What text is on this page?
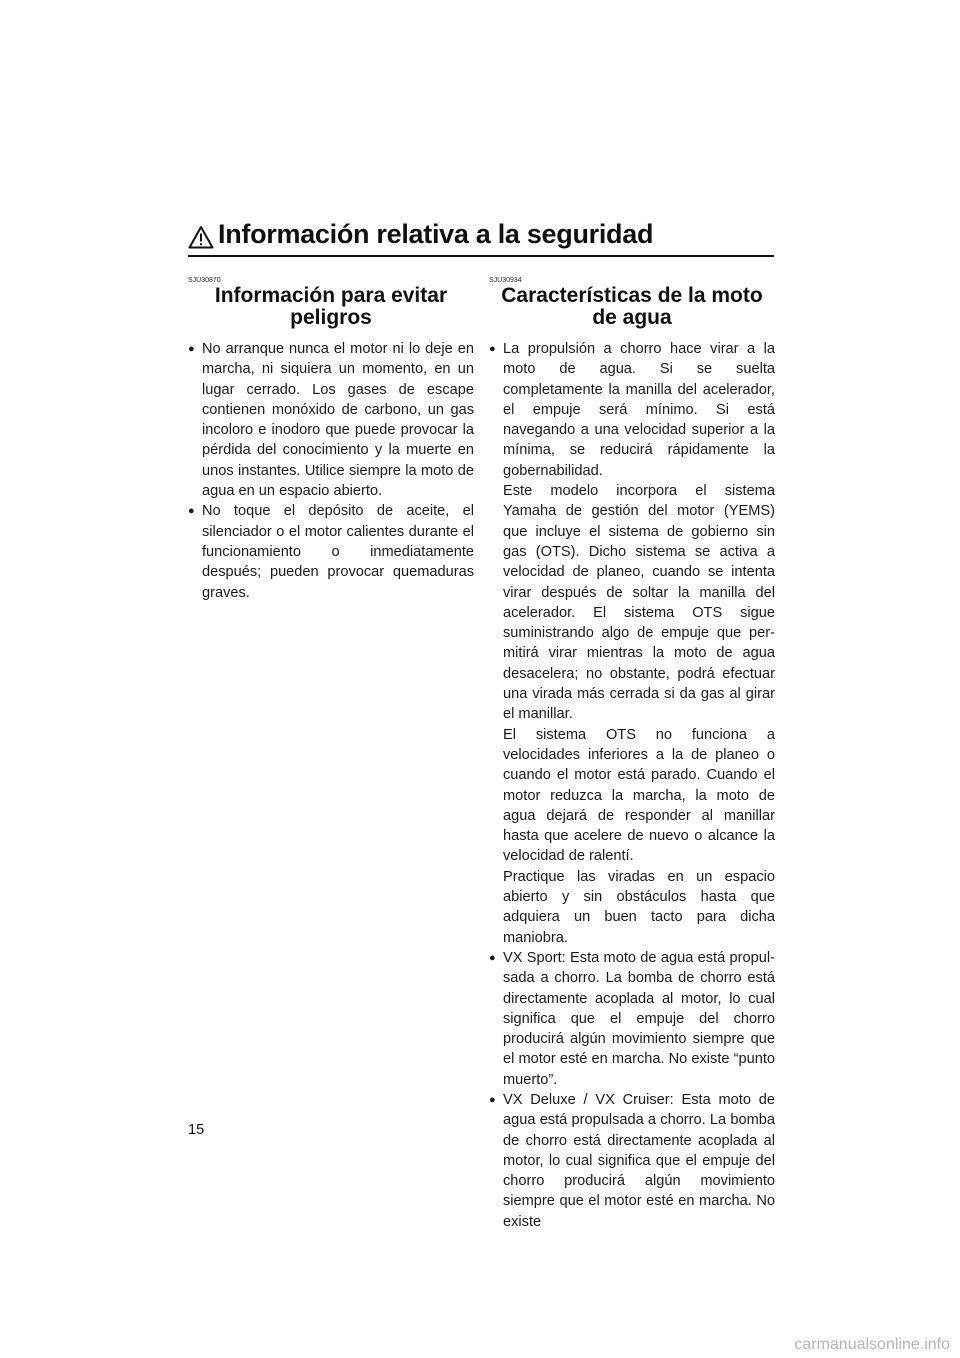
Información relativa a la seguridad
SJU30870
Información para evitar peligros
● No arranque nunca el motor ni lo deje en marcha, ni siquiera un momento, en un lugar cerrado. Los gases de escape contienen monóxido de carbono, un gas incoloro e inodoro que puede provocar la pérdida del conocimiento y la muerte en unos instantes. Utilice siempre la moto de agua en un espacio abierto.

● No toque el depósito de aceite, el silenciador o el motor calientes durante el funcionamiento o inmediatamente después; pueden provocar quemaduras graves.

SJU30934
Características de la moto de agua
● La propulsión a chorro hace virar a la moto de agua. Si se suelta completamente la manilla del acelerador, el empuje será mínimo. Si está navegando a una velocidad superior a la mínima, se reducirá rápidamente la gobernabilidad.

Este modelo incorpora el sistema Yamaha de gestión del motor (YEMS) que incluye el sistema de gobierno sin gas (OTS). Dicho sistema se activa a velocidad de planeo, cuando se intenta virar después de soltar la manilla del acelerador. El sistema OTS sigue suministrando algo de empuje que permitirá virar mientras la moto de agua desacelera; no obstante, podrá efectuar una virada más cerrada si da gas al girar el manillar.

El sistema OTS no funciona a velocidades inferiores a la de planeo o cuando el motor está parado. Cuando el motor reduzca la marcha, la moto de agua dejará de responder al manillar hasta que acelere de nuevo o alcance la velocidad de ralentí.

Practique las viradas en un espacio abierto y sin obstáculos hasta que adquiera un buen tacto para dicha maniobra.

● VX Sport: Esta moto de agua está propulsada a chorro. La bomba de chorro está directamente acoplada al motor, lo cual significa que el empuje del chorro producirá algún movimiento siempre que el motor esté en marcha. No existe “punto muerto”.

● VX Deluxe / VX Cruiser: Esta moto de agua está propulsada a chorro. La bomba de chorro está directamente acoplada al motor, lo cual significa que el empuje del chorro producirá algún movimiento siempre que el motor esté en marcha. No existe

15
carmanualsonline.info
